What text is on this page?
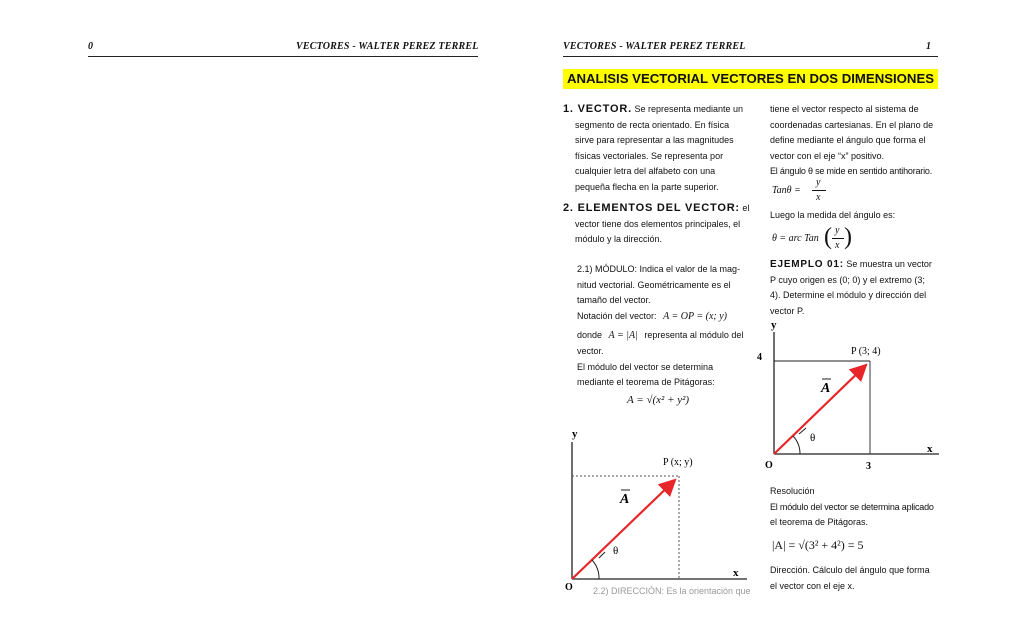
0	VECTORES - WALTER PEREZ TERREL	VECTORES - WALTER PEREZ TERREL	1
ANALISIS VECTORIAL VECTORES EN DOS DIMENSIONES
1. VECTOR. Se representa mediante un
segmento de recta orientado. En física
sirve para representar a las magnitudes
físicas vectoriales. Se representa por
cualquier letra del alfabeto con una
pequeña flecha en la parte superior.
2. ELEMENTOS DEL VECTOR: el
vector tiene dos elementos principales, el
módulo y la dirección.
2.1) MÓDULO: Indica el valor de la mag-
nitud vectorial. Geométricamente es el
tamaño del vector.
Notación del vector: A = OP = (x; y)
donde A = |A| representa al módulo del
vector.
El módulo del vector se determina
mediante el teorema de Pitágoras:
A = √(x² + y²)
y
x
O
P (x; y)
A
θ
2.2) DIRECCIÓN: Es la orientación que
tiene el vector respecto al sistema de
coordenadas cartesianas. En el plano de
define mediante el ángulo que forma el
vector con el eje “x” positivo.
El ángulo θ se mide en sentido antihorario.
Tanθ =
y
x
Luego la medida del ángulo es:
θ = arc Tan ( y
x )
EJEMPLO 01: Se muestra un vector
P cuyo origen es (0; 0) y el extremo (3;
4). Determine el módulo y dirección del
vector P.
y
x
O
P (3; 4)
4
3
A
θ
Resolución
El módulo del vector se determina aplicado
el teorema de Pitágoras.
|A| = √(3² + 4²) = 5
Dirección. Cálculo del ángulo que forma
el vector con el eje x.
